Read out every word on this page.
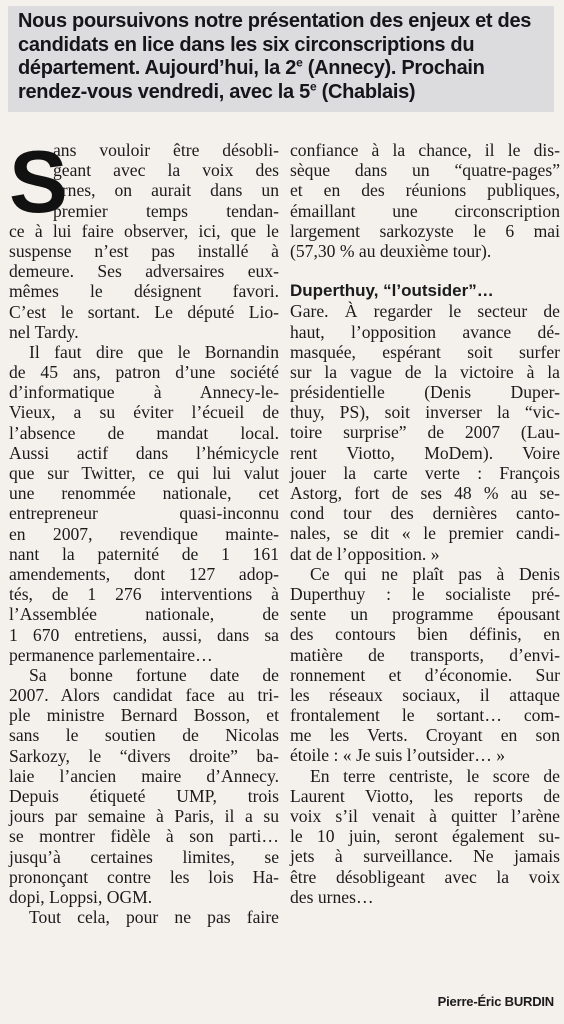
Nous poursuivons notre présentation des enjeux et des
candidats en lice dans les six circonscriptions du
département. Aujourd’hui, la 2e (Annecy). Prochain
rendez-vous vendredi, avec la 5e (Chablais)
S
ans vouloir être désobli-
geant avec la voix des
urnes, on aurait dans un
premier temps tendan-
ce à lui faire observer, ici, que le
suspense n’est pas installé à
demeure. Ses adversaires eux-
mêmes le désignent favori.
C’est le sortant. Le député Lio-
nel Tardy.
Il faut dire que le Bornandin
de 45 ans, patron d’une société
d’informatique à Annecy-le-
Vieux, a su éviter l’écueil de
l’absence de mandat local.
Aussi actif dans l’hémicycle
que sur Twitter, ce qui lui valut
une renommée nationale, cet
entrepreneur quasi-inconnu
en 2007, revendique mainte-
nant la paternité de 1 161
amendements, dont 127 adop-
tés, de 1 276 interventions à
l’Assemblée nationale, de
1 670 entretiens, aussi, dans sa
permanence parlementaire…
Sa bonne fortune date de
2007. Alors candidat face au tri-
ple ministre Bernard Bosson, et
sans le soutien de Nicolas
Sarkozy, le “divers droite” ba-
laie l’ancien maire d’Annecy.
Depuis étiqueté UMP, trois
jours par semaine à Paris, il a su
se montrer fidèle à son parti…
jusqu’à certaines limites, se
prononçant contre les lois Ha-
dopi, Loppsi, OGM.
Tout cela, pour ne pas faire
confiance à la chance, il le dis-
sèque dans un “quatre-pages”
et en des réunions publiques,
émaillant une circonscription
largement sarkozyste le 6 mai
(57,30 % au deuxième tour).
Duperthuy, “l’outsider”…
Gare. À regarder le secteur de
haut, l’opposition avance dé-
masquée, espérant soit surfer
sur la vague de la victoire à la
présidentielle (Denis Duper-
thuy, PS), soit inverser la “vic-
toire surprise” de 2007 (Lau-
rent Viotto, MoDem). Voire
jouer la carte verte : François
Astorg, fort de ses 48 % au se-
cond tour des dernières canto-
nales, se dit « le premier candi-
dat de l’opposition. »
Ce qui ne plaît pas à Denis
Duperthuy : le socialiste pré-
sente un programme épousant
des contours bien définis, en
matière de transports, d’envi-
ronnement et d’économie. Sur
les réseaux sociaux, il attaque
frontalement le sortant… com-
me les Verts. Croyant en son
étoile : « Je suis l’outsider… »
En terre centriste, le score de
Laurent Viotto, les reports de
voix s’il venait à quitter l’arène
le 10 juin, seront également su-
jets à surveillance. Ne jamais
être désobligeant avec la voix
des urnes…
Pierre-Éric BURDIN
